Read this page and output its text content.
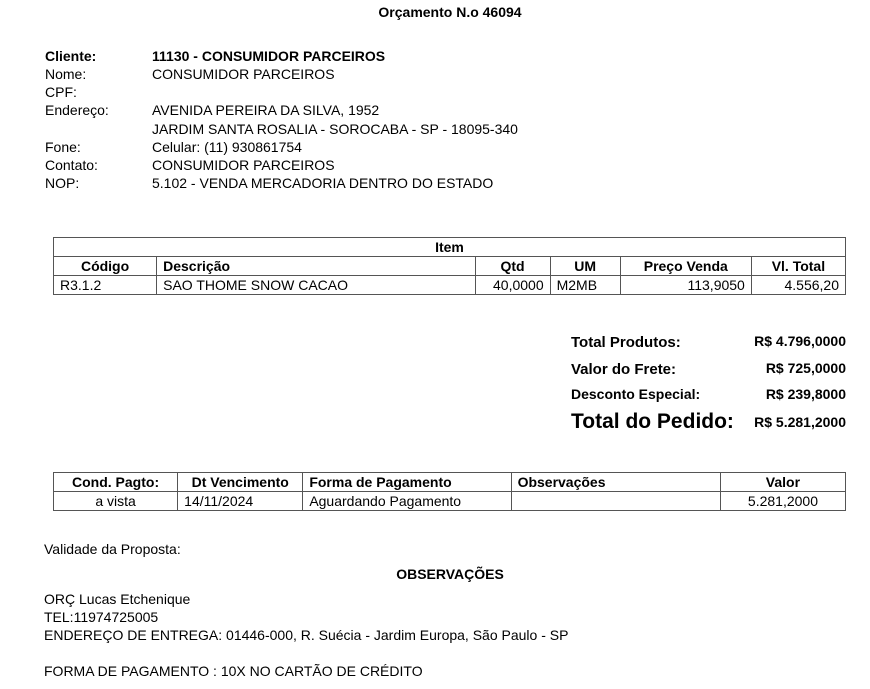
Orçamento N.o 46094
Cliente:	11130 - CONSUMIDOR PARCEIROS
Nome:	CONSUMIDOR PARCEIROS
CPF:
Endereço:	AVENIDA PEREIRA DA SILVA, 1952
JARDIM SANTA ROSALIA - SOROCABA - SP - 18095-340
Fone:	Celular: (11) 930861754
Contato:	CONSUMIDOR PARCEIROS
NOP:	5.102 - VENDA MERCADORIA DENTRO DO ESTADO
Item					
Código	Descrição	Qtd	UM	Preço Venda	Vl. Total
R3.1.2	SAO THOME SNOW CACAO	40,0000	M2MB	113,9050	4.556,20
Total Produtos:	R$ 4.796,0000
Valor do Frete:	R$ 725,0000
Desconto Especial:	R$ 239,8000
Total do Pedido: R$ 5.281,2000
Cond. Pagto:	Dt Vencimento	Forma de Pagamento	Observações	Valor
a vista	14/11/2024	Aguardando Pagamento		5.281,2000
Validade da Proposta:
OBSERVAÇÕES
ORÇ Lucas Etchenique
TEL:11974725005
ENDEREÇO DE ENTREGA: 01446-000, R. Suécia - Jardim Europa, São Paulo - SP
FORMA DE PAGAMENTO : 10X NO CARTÃO DE CRÉDITO
